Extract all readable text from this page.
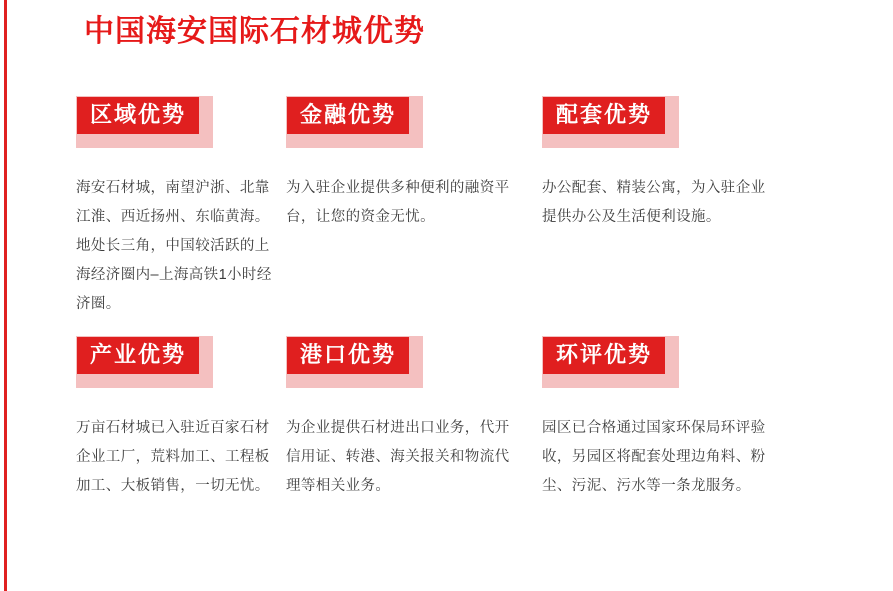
中国海安国际石材城优势
区域优势
海安石材城，南望沪浙、北靠江淮、西近扬州、东临黄海。地处长三角，中国较活跃的上海经济圈内–上海高铁1小时经济圈。
金融优势
为入驻企业提供多种便利的融资平台，让您的资金无忧。
配套优势
办公配套、精装公寓，为入驻企业提供办公及生活便利设施。
产业优势
万亩石材城已入驻近百家石材企业工厂，荒料加工、工程板加工、大板销售，一切无忧。
港口优势
为企业提供石材进出口业务，代开信用证、转港、海关报关和物流代理等相关业务。
环评优势
园区已合格通过国家环保局环评验收，另园区将配套处理边角料、粉尘、污泥、污水等一条龙服务。
